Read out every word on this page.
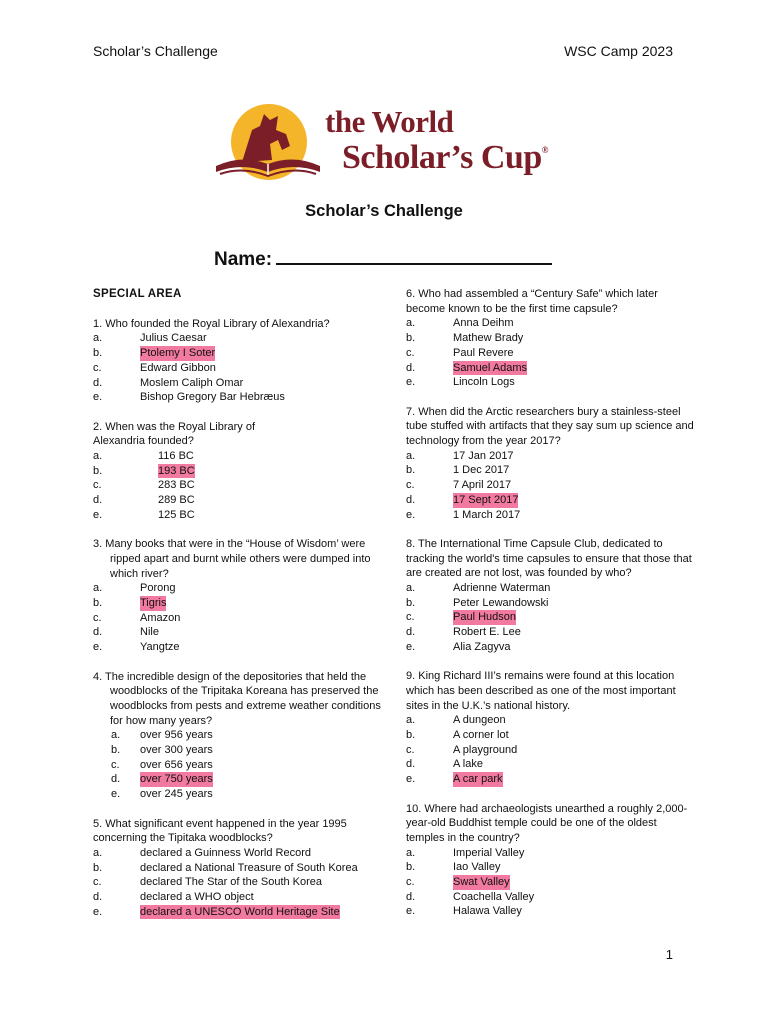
Scholar’s Challenge	WSC Camp 2023
the World
Scholar’s Cup®
Scholar’s Challenge
Name:
SPECIAL AREA
1. Who founded the Royal Library of Alexandria?
a.	Julius Caesar
b.	Ptolemy I Soter
c.	Edward Gibbon
d.	Moslem Caliph Omar
e.	Bishop Gregory Bar Hebræus
2. When was the Royal Library of
Alexandria founded?
a.	116 BC
b.	193 BC
c.	283 BC
d.	289 BC
e.	125 BC
3. Many books that were in the “House of Wisdom’ were ripped apart and burnt while others were dumped into which river?
a.	Porong
b.	Tigris
c.	Amazon
d.	Nile
e.	Yangtze
4. The incredible design of the depositories that held the woodblocks of the Tripitaka Koreana has preserved the woodblocks from pests and extreme weather conditions for how many years?
a.	over 956 years
b.	over 300 years
c.	over 656 years
d.	over 750 years
e.	over 245 years
5. What significant event happened in the year 1995 concerning the Tipitaka woodblocks?
a.	declared a Guinness World Record
b.	declared a National Treasure of South Korea
c.	declared The Star of the South Korea
d.	declared a WHO object
e.	declared a UNESCO World Heritage Site
6. Who had assembled a “Century Safe” which later become known to be the first time capsule?
a.	Anna Deihm
b.	Mathew Brady
c.	Paul Revere
d.	Samuel Adams
e.	Lincoln Logs
7. When did the Arctic researchers bury a stainless-steel tube stuffed with artifacts that they say sum up science and technology from the year 2017?
a.	17 Jan 2017
b.	1 Dec 2017
c.	7 April 2017
d.	17 Sept 2017
e.	1 March 2017
8. The International Time Capsule Club, dedicated to tracking the world's time capsules to ensure that those that are created are not lost, was founded by who?
a.	Adrienne Waterman
b.	Peter Lewandowski
c.	Paul Hudson
d.	Robert E. Lee
e.	Alia Zagyva
9. King Richard III’s remains were found at this location which has been described as one of the most important sites in the U.K.’s national history.
a.	A dungeon
b.	A corner lot
c.	A playground
d.	A lake
e.	A car park
10. Where had archaeologists unearthed a roughly 2,000-year-old Buddhist temple could be one of the oldest temples in the country?
a.	Imperial Valley
b.	Iao Valley
c.	Swat Valley
d.	Coachella Valley
e.	Halawa Valley
1
